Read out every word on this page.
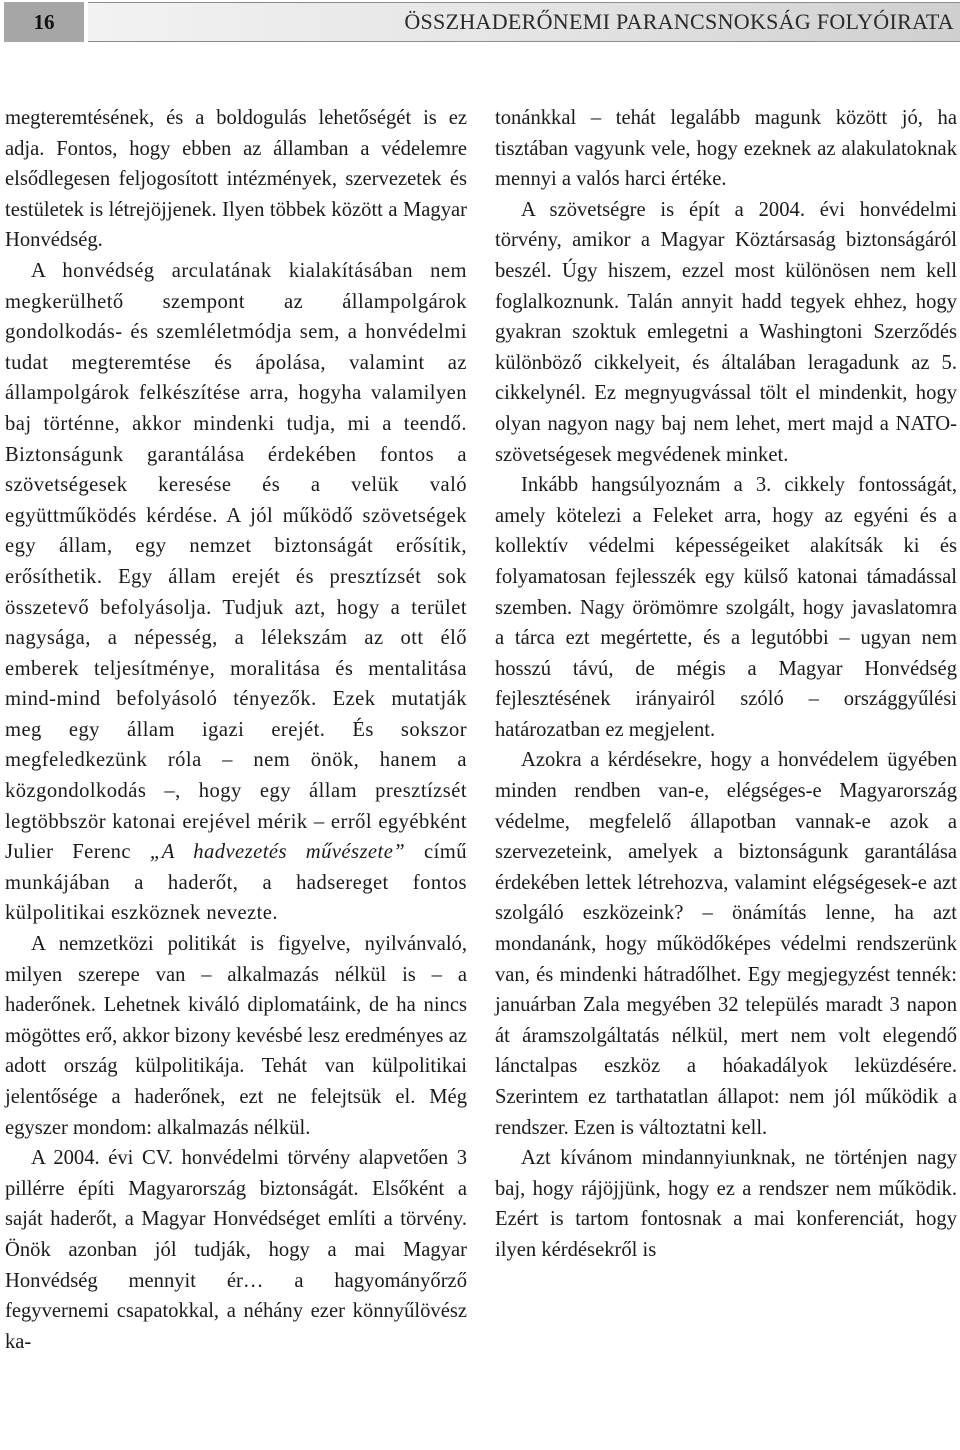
16	ÖSSZHADERŐNEMI PARANCSNOKSÁG FOLYÓIRATA

megteremtésének, és a boldogulás lehetőségét is ez adja. Fontos, hogy ebben az államban a védelemre elsődlegesen feljogosított intézmények, szervezetek és testületek is létrejöjjenek. Ilyen többek között a Magyar Honvédség.

A honvédség arculatának kialakításában nem megkerülhető szempont az állampolgárok gondolkodás- és szemléletmódja sem, a honvédelmi tudat megteremtése és ápolása, valamint az állampolgárok felkészítése arra, hogyha valamilyen baj történne, akkor mindenki tudja, mi a teendő. Biztonságunk garantálása érdekében fontos a szövetségesek keresése és a velük való együttműködés kérdése. A jól működő szövetségek egy állam, egy nemzet biztonságát erősítik, erősíthetik. Egy állam erejét és presztízsét sok összetevő befolyásolja. Tudjuk azt, hogy a terület nagysága, a népesség, a lélekszám az ott élő emberek teljesítménye, moralitása és mentalitása mind-mind befolyásoló tényezők. Ezek mutatják meg egy állam igazi erejét. És sokszor megfeledkezünk róla – nem önök, hanem a közgondolkodás –, hogy egy állam presztízsét legtöbbször katonai erejével mérik – erről egyébként Julier Ferenc „A hadvezetés művészete” című munkájában a haderőt, a hadsereget fontos külpolitikai eszköznek nevezte.

A nemzetközi politikát is figyelve, nyilvánvaló, milyen szerepe van – alkalmazás nélkül is – a haderőnek. Lehetnek kiváló diplomatáink, de ha nincs mögöttes erő, akkor bizony kevésbé lesz eredményes az adott ország külpolitikája. Tehát van külpolitikai jelentősége a haderőnek, ezt ne felejtsük el. Még egyszer mondom: alkalmazás nélkül.

A 2004. évi CV. honvédelmi törvény alapvetően 3 pillérre építi Magyarország biztonságát. Elsőként a saját haderőt, a Magyar Honvédséget említi a törvény. Önök azonban jól tudják, hogy a mai Magyar Honvédség mennyit ér… a hagyományőrző fegyvernemi csapatokkal, a néhány ezer könnyűlövész ka-

tonánkkal – tehát legalább magunk között jó, ha tisztában vagyunk vele, hogy ezeknek az alakulatoknak mennyi a valós harci értéke.

A szövetségre is épít a 2004. évi honvédelmi törvény, amikor a Magyar Köztársaság biztonságáról beszél. Úgy hiszem, ezzel most különösen nem kell foglalkoznunk. Talán annyit hadd tegyek ehhez, hogy gyakran szoktuk emlegetni a Washingtoni Szerződés különböző cikkelyeit, és általában leragadunk az 5. cikkelynél. Ez megnyugvással tölt el mindenkit, hogy olyan nagyon nagy baj nem lehet, mert majd a NATO-szövetségesek megvédenek minket.

Inkább hangsúlyoznám a 3. cikkely fontosságát, amely kötelezi a Feleket arra, hogy az egyéni és a kollektív védelmi képességeiket alakítsák ki és folyamatosan fejlesszék egy külső katonai támadással szemben. Nagy örömömre szolgált, hogy javaslatomra a tárca ezt megértette, és a legutóbbi – ugyan nem hosszú távú, de mégis a Magyar Honvédség fejlesztésének irányairól szóló – országgyűlési határozatban ez megjelent.

Azokra a kérdésekre, hogy a honvédelem ügyében minden rendben van-e, elégséges-e Magyarország védelme, megfelelő állapotban vannak-e azok a szervezeteink, amelyek a biztonságunk garantálása érdekében lettek létrehozva, valamint elégségesek-e azt szolgáló eszközeink? – önámítás lenne, ha azt mondanánk, hogy működőképes védelmi rendszerünk van, és mindenki hátradőlhet. Egy megjegyzést tennék: januárban Zala megyében 32 település maradt 3 napon át áramszolgáltatás nélkül, mert nem volt elegendő lánctalpas eszköz a hóakadályok leküzdésére. Szerintem ez tarthatatlan állapot: nem jól működik a rendszer. Ezen is változtatni kell.

Azt kívánom mindannyiunknak, ne történjen nagy baj, hogy rájöjjünk, hogy ez a rendszer nem működik. Ezért is tartom fontosnak a mai konferenciát, hogy ilyen kérdésekről is
